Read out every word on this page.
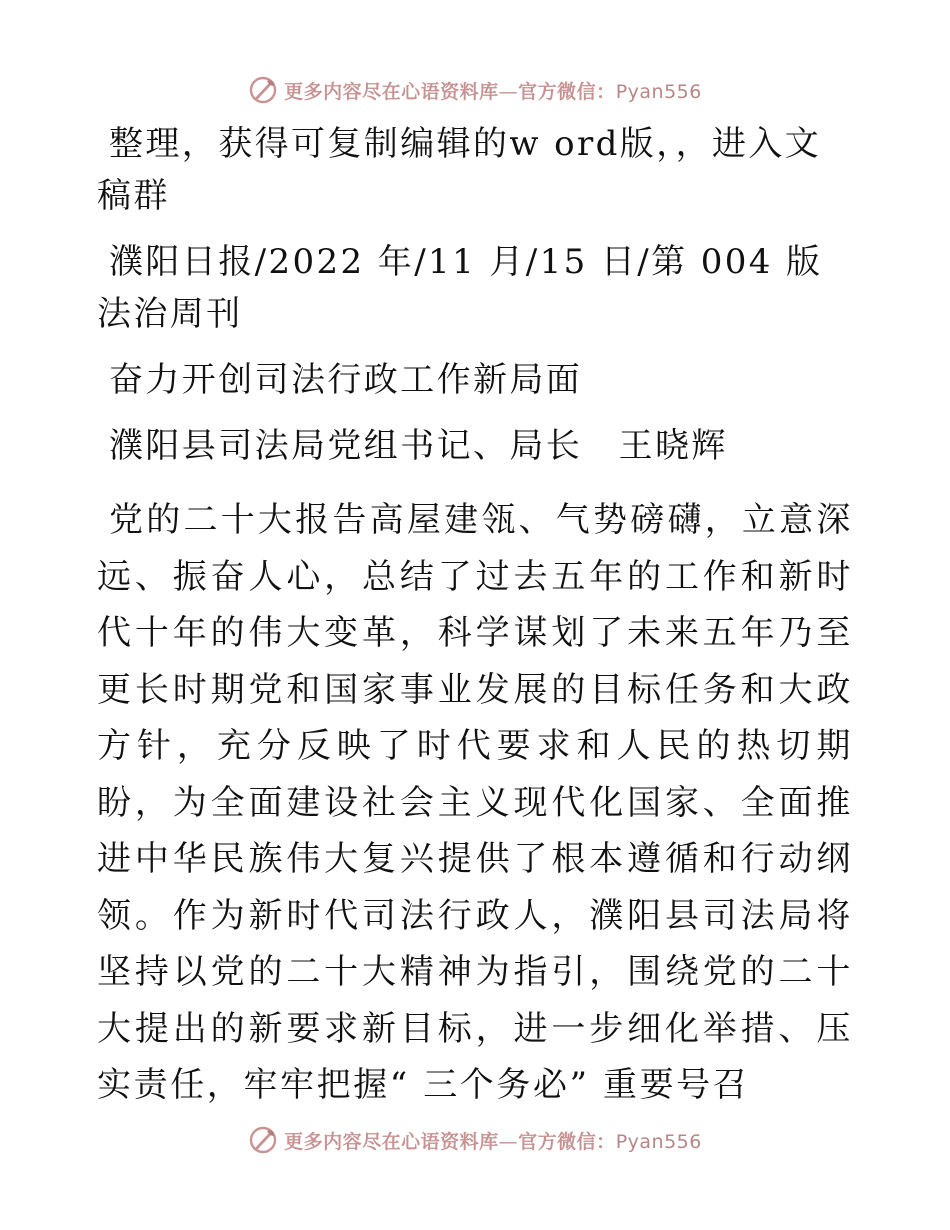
更多内容尽在心语资料库—官方微信：Pyan556

整理，获得可复制编辑的w ord版，，进入文稿群

濮阳日报/2022 年/11 月/15 日/第 004 版法治周刊

奋力开创司法行政工作新局面

濮阳县司法局党组书记、局长　王晓辉

党的二十大报告高屋建瓴、气势磅礴，立意深远、振奋人心，总结了过去五年的工作和新时代十年的伟大变革，科学谋划了未来五年乃至更长时期党和国家事业发展的目标任务和大政方针，充分反映了时代要求和人民的热切期盼，为全面建设社会主义现代化国家、全面推进中华民族伟大复兴提供了根本遵循和行动纲领。作为新时代司法行政人，濮阳县司法局将坚持以党的二十大精神为指引，围绕党的二十大提出的新要求新目标，进一步细化举措、压实责任，牢牢把握“ 三个务必” 重要号召

更多内容尽在心语资料库—官方微信：Pyan556
